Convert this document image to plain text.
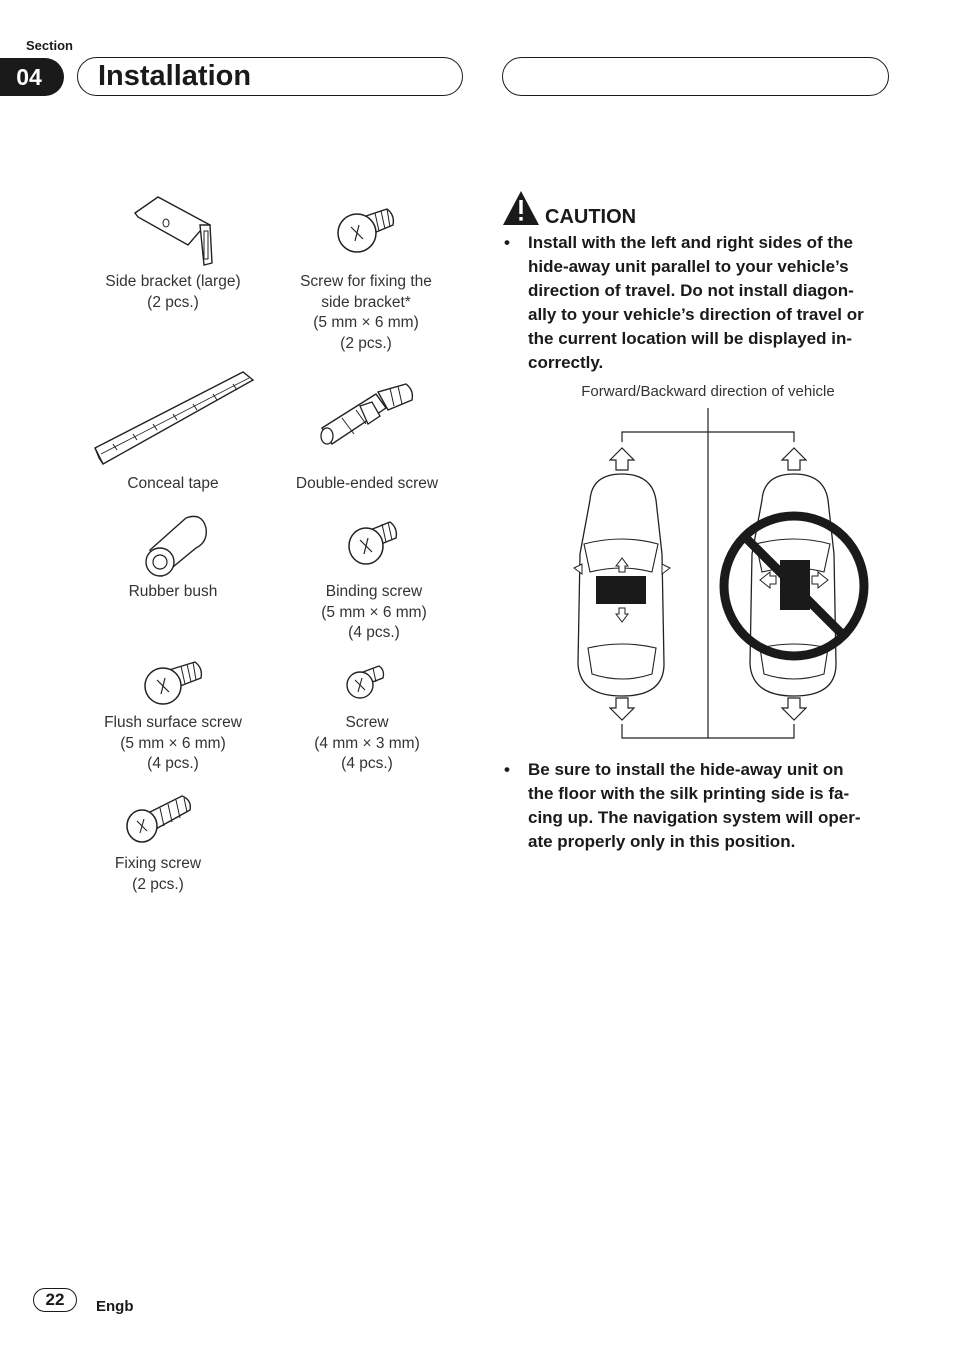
Section
04	Installation
Side bracket (large)
(2 pcs.)
Screw for fixing the
side bracket*
(5 mm × 6 mm)
(2 pcs.)
Conceal tape	Double-ended screw
Rubber bush	Binding screw
(5 mm × 6 mm)
(4 pcs.)
Flush surface screw
(5 mm × 6 mm)
(4 pcs.)
Screw
(4 mm × 3 mm)
(4 pcs.)
Fixing screw
(2 pcs.)
CAUTION
• Install with the left and right sides of the
hide-away unit parallel to your vehicle’s
direction of travel. Do not install diagon-
ally to your vehicle’s direction of travel or
the current location will be displayed in-
correctly.
Forward/Backward direction of vehicle
• Be sure to install the hide-away unit on
the floor with the silk printing side is fa-
cing up. The navigation system will oper-
ate properly only in this position.
22	Engb
